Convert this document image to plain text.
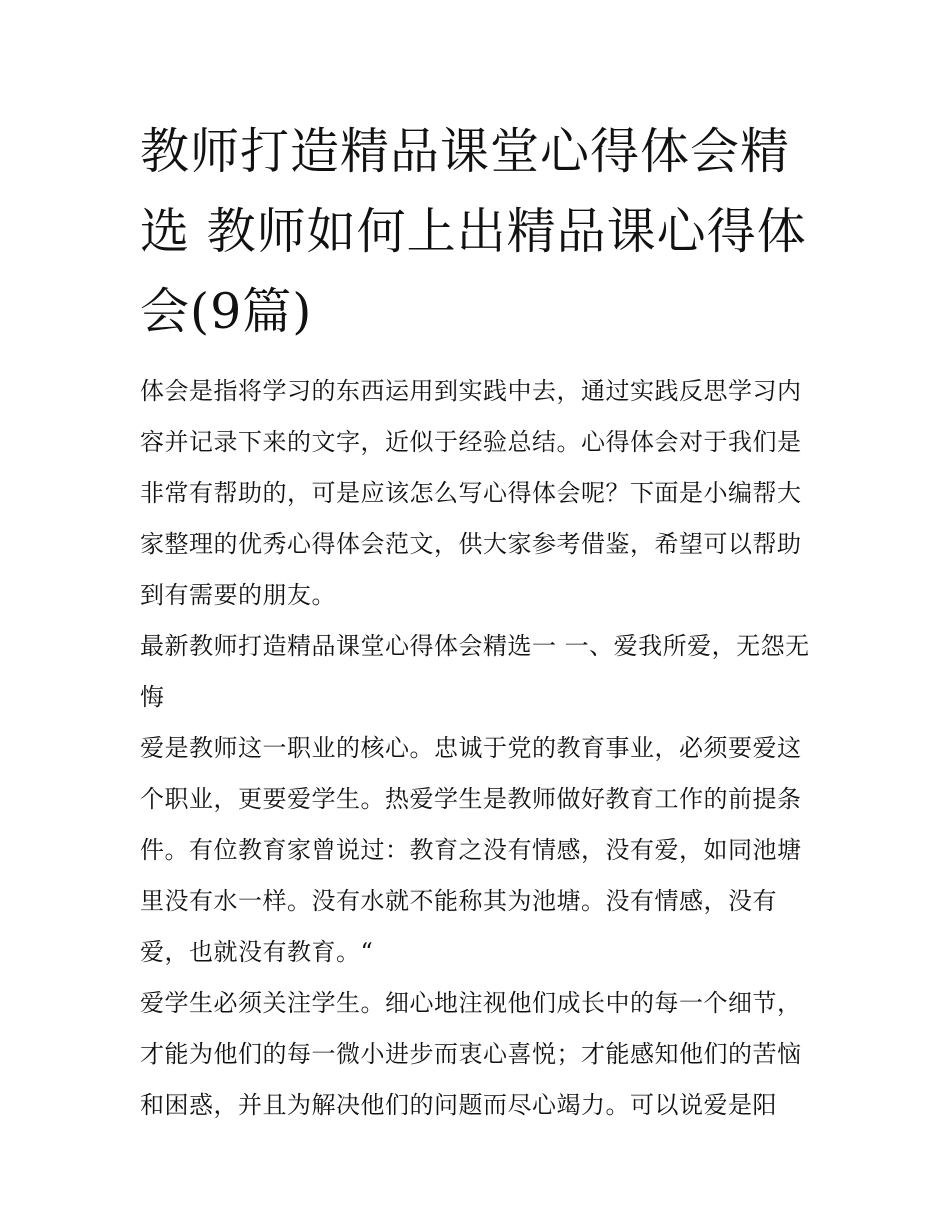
教师打造精品课堂心得体会精选 教师如何上出精品课心得体会(9篇)

体会是指将学习的东西运用到实践中去，通过实践反思学习内容并记录下来的文字，近似于经验总结。心得体会对于我们是非常有帮助的，可是应该怎么写心得体会呢？下面是小编帮大家整理的优秀心得体会范文，供大家参考借鉴，希望可以帮助到有需要的朋友。

最新教师打造精品课堂心得体会精选一 一、爱我所爱，无怨无悔

爱是教师这一职业的核心。忠诚于党的教育事业，必须要爱这个职业，更要爱学生。热爱学生是教师做好教育工作的前提条件。有位教育家曾说过：教育之没有情感，没有爱，如同池塘里没有水一样。没有水就不能称其为池塘。没有情感，没有爱，也就没有教育。“

爱学生必须关注学生。细心地注视他们成长中的每一个细节，才能为他们的每一微小进步而衷心喜悦；才能感知他们的苦恼和困惑，并且为解决他们的问题而尽心竭力。可以说爱是阳
